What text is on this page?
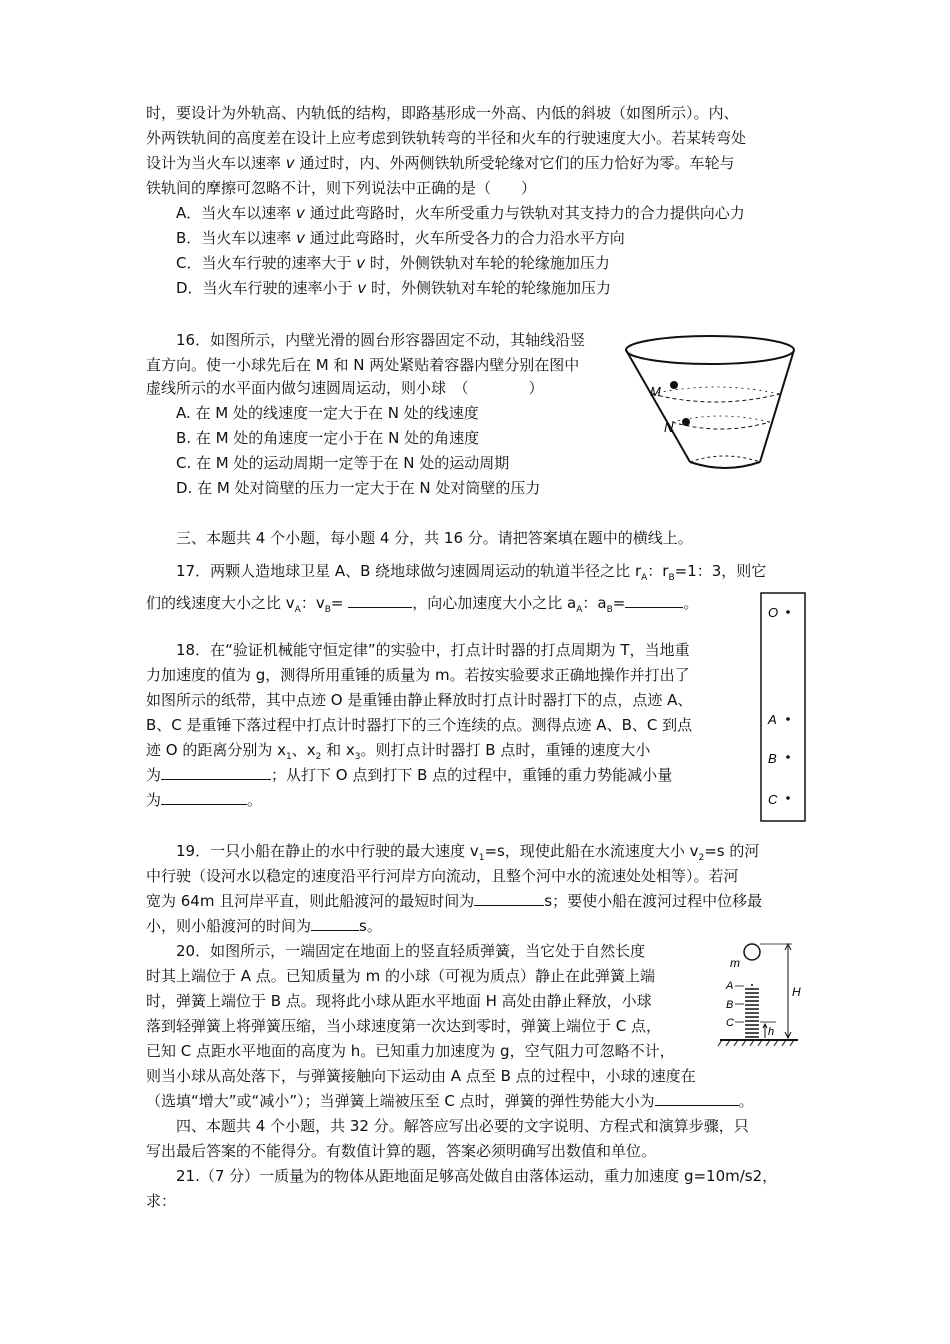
时，要设计为外轨高、内轨低的结构，即路基形成一外高、内低的斜坡（如图所示）。内、
外两铁轨间的高度差在设计上应考虑到铁轨转弯的半径和火车的行驶速度大小。若某转弯处
设计为当火车以速率 v 通过时，内、外两侧铁轨所受轮缘对它们的压力恰好为零。车轮与
铁轨间的摩擦可忽略不计，则下列说法中正确的是（　　）
A．当火车以速率 v 通过此弯路时，火车所受重力与铁轨对其支持力的合力提供向心力
B．当火车以速率 v 通过此弯路时，火车所受各力的合力沿水平方向
C．当火车行驶的速率大于 v 时，外侧铁轨对车轮的轮缘施加压力
D．当火车行驶的速率小于 v 时，外侧铁轨对车轮的轮缘施加压力
16．如图所示，内壁光滑的圆台形容器固定不动，其轴线沿竖
直方向。使一小球先后在 M 和 N 两处紧贴着容器内壁分别在图中
虚线所示的水平面内做匀速圆周运动，则小球　（　　　　）
A. 在 M 处的线速度一定大于在 N 处的线速度
B. 在 M 处的角速度一定小于在 N 处的角速度
C. 在 M 处的运动周期一定等于在 N 处的运动周期
D. 在 M 处对筒壁的压力一定大于在 N 处对筒壁的压力
M
N
三、本题共 4 个小题，每小题 4 分，共 16 分。请把答案填在题中的横线上。
17．两颗人造地球卫星 A、B 绕地球做匀速圆周运动的轨道半径之比 $r_A$：$r_B=1$：3，则它
们的线速度大小之比 $v_A$：$v_B=$	，向心加速度大小之比 $a_A$：$a_B=$	。
18．在“验证机械能守恒定律”的实验中，打点计时器的打点周期为 T，当地重
力加速度的值为 g，测得所用重锤的质量为 m。若按实验要求正确地操作并打出了
如图所示的纸带，其中点迹 O 是重锤由静止释放时打点计时器打下的点，点迹 A、
B、C 是重锤下落过程中打点计时器打下的三个连续的点。测得点迹 A、B、C 到点
迹 O 的距离分别为 $x_1$、$x_2$ 和 $x_3$。则打点计时器打 B 点时，重锤的速度大小
为	；从打下 O 点到打下 B 点的过程中，重锤的重力势能减小量
为	。
O
A
B
C
19．一只小船在静止的水中行驶的最大速度 $v_1=s$，现使此船在水流速度大小 $v_2=s$ 的河
中行驶（设河水以稳定的速度沿平行河岸方向流动，且整个河中水的流速处处相等）。若河
宽为 64m 且河岸平直，则此船渡河的最短时间为	s；要使小船在渡河过程中位移最
小，则小船渡河的时间为	s。
20．如图所示，一端固定在地面上的竖直轻质弹簧，当它处于自然长度
时其上端位于 A 点。已知质量为 m 的小球（可视为质点）静止在此弹簧上端
时，弹簧上端位于 B 点。现将此小球从距水平地面 H 高处由静止释放，小球
落到轻弹簧上将弹簧压缩，当小球速度第一次达到零时，弹簧上端位于 C 点，
已知 C 点距水平地面的高度为 h。已知重力加速度为 g，空气阻力可忽略不计，
则当小球从高处落下，与弹簧接触向下运动由 A 点至 B 点的过程中，小球的速度在
（选填“增大”或“减小”）；当弹簧上端被压至 C 点时，弹簧的弹性势能大小为	。
m
A
B
C
H
h
四、本题共 4 个小题，共 32 分。解答应写出必要的文字说明、方程式和演算步骤，只
写出最后答案的不能得分。有数值计算的题，答案必须明确写出数值和单位。
21.（7 分）一质量为的物体从距地面足够高处做自由落体运动，重力加速度 g=10m/s2，
求：
